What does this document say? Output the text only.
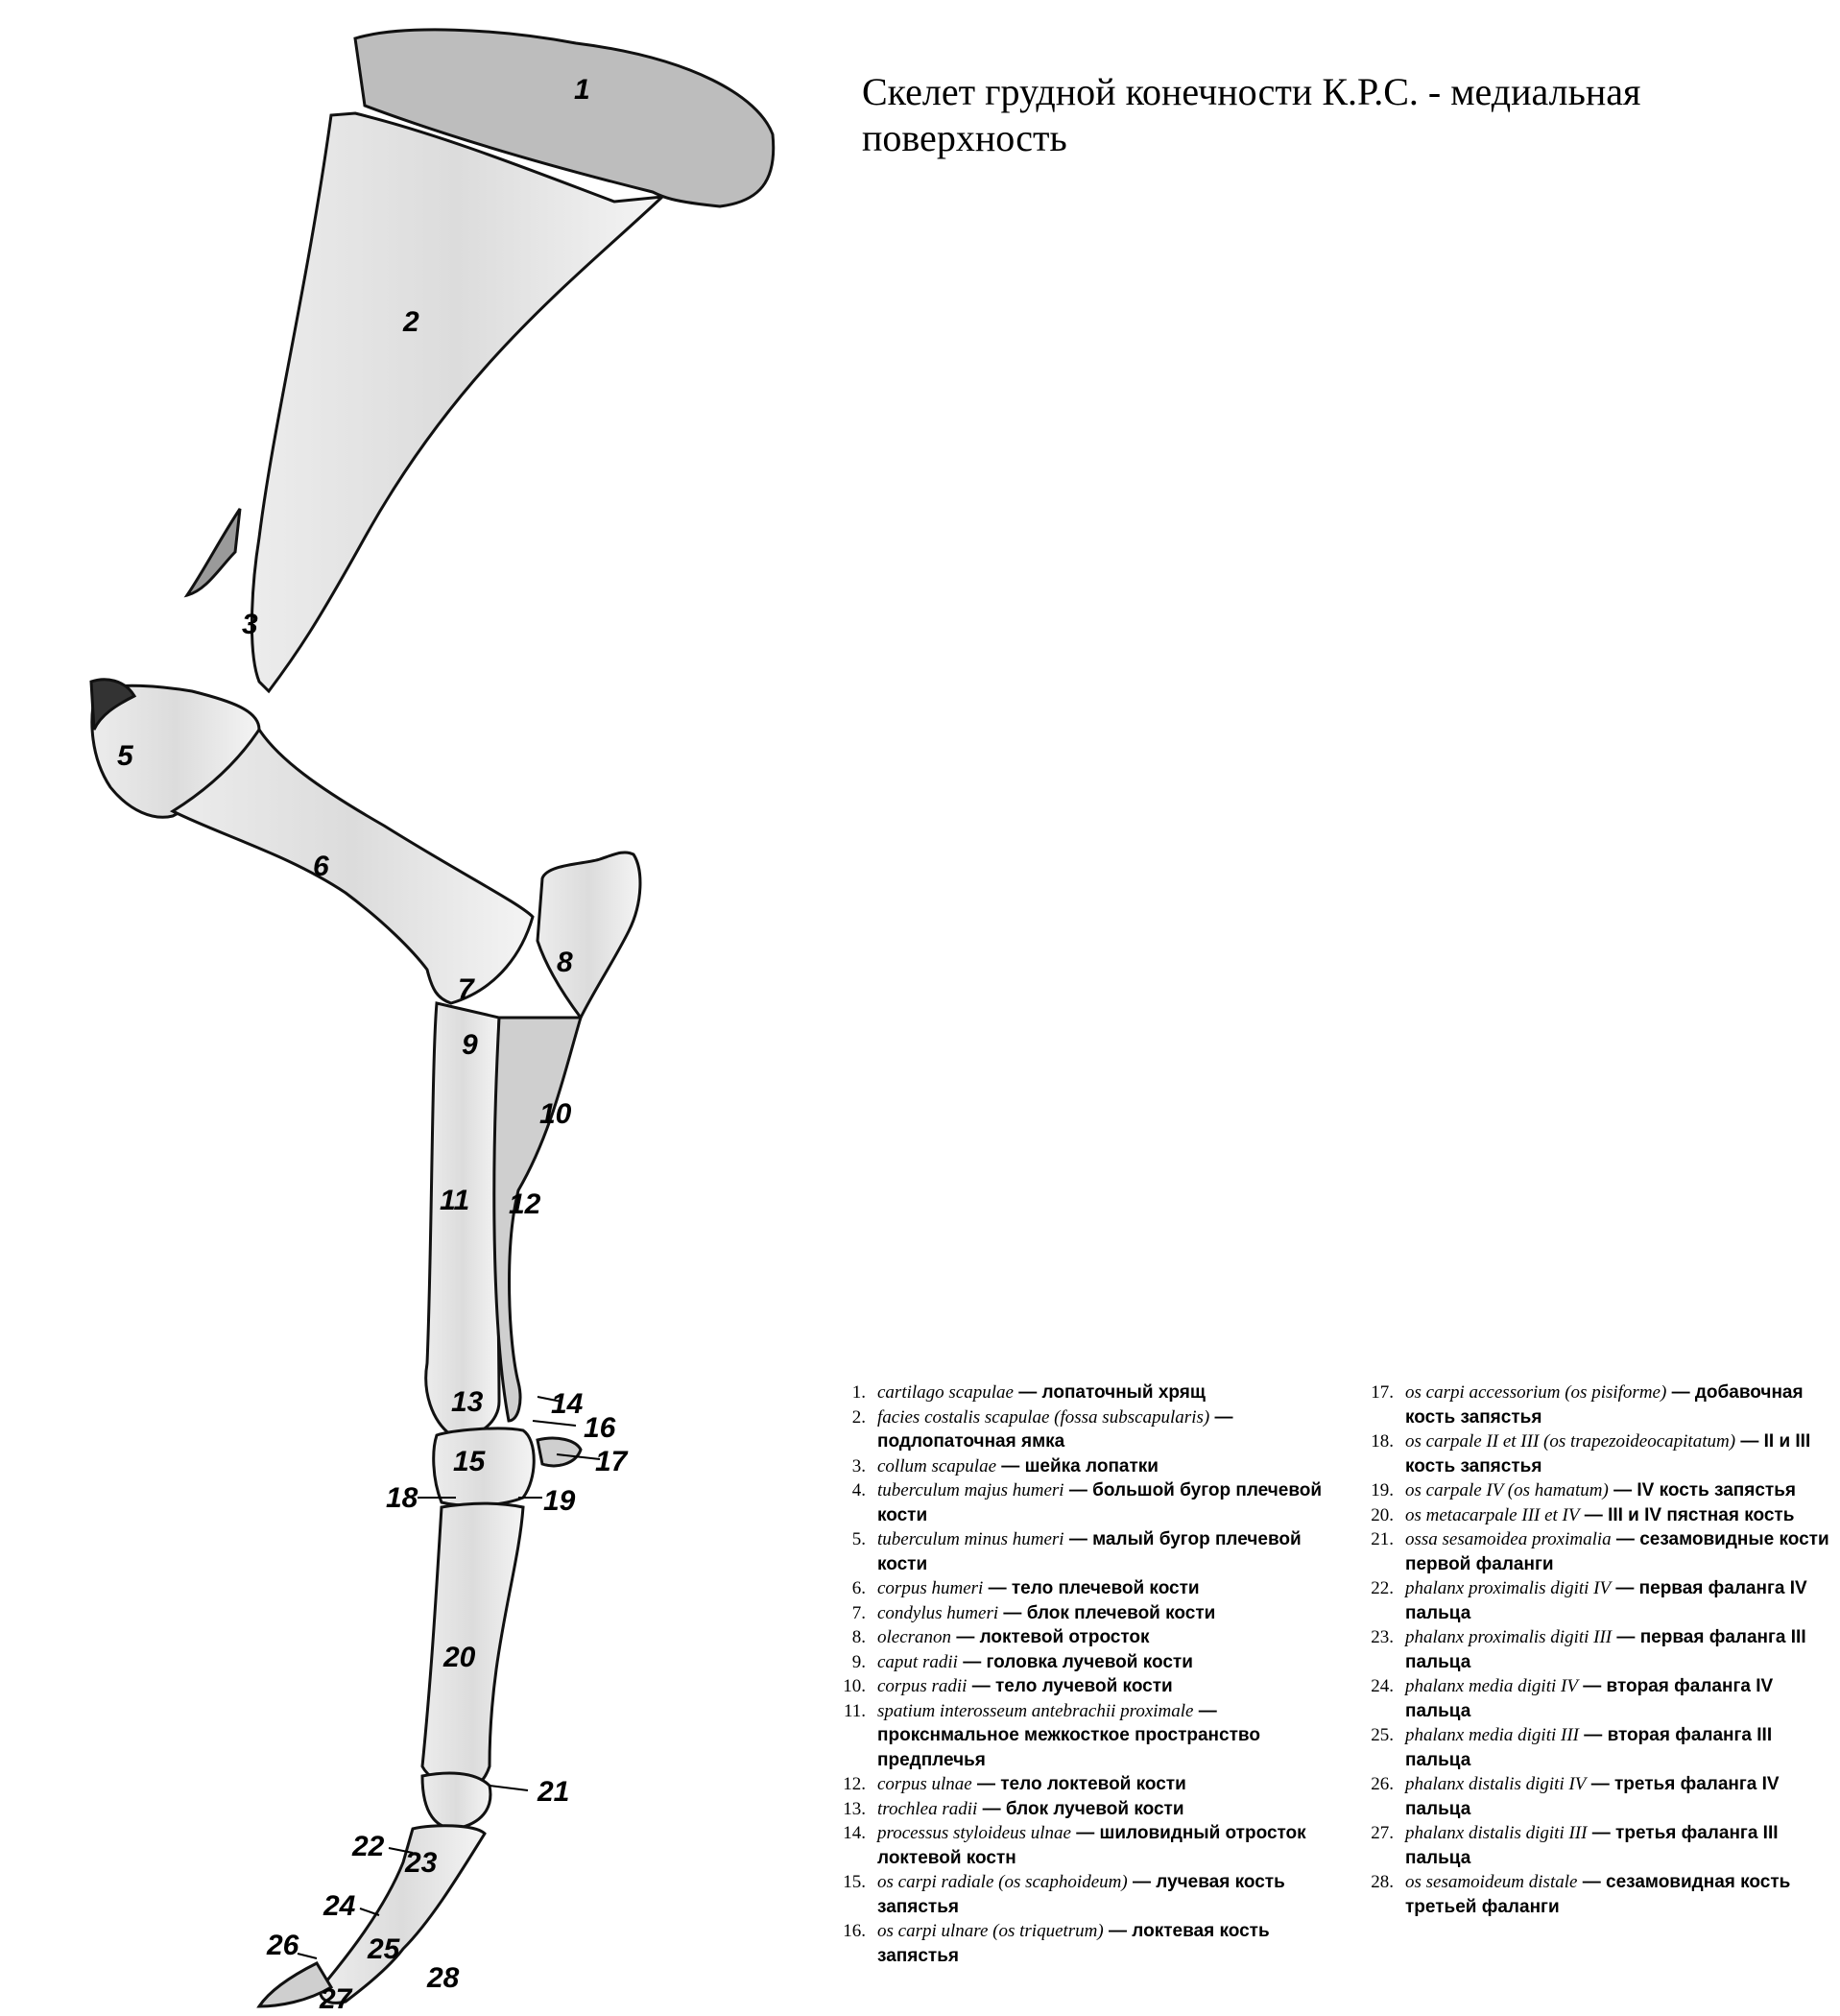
Скелет грудной конечности К.Р.С. - медиальная поверхность
1
2
3
5
6
7
8
9
10
11 12
13 14
15
16
17
18	19
20
21
22
23
24
25
26
27
28
1. cartilago scapulae — лопаточный хрящ
2. facies costalis scapulae (fossa subscapularis) — подлопаточная ямка
3. collum scapulae — шейка лопатки
4. tuberculum majus humeri — большой бугор плечевой кости
5. tuberculum minus humeri — малый бугор плечевой кости
6. corpus humeri — тело плечевой кости
7. condylus humeri — блок плечевой кости
8. olecranon — локтевой отросток
9. caput radii — головка лучевой кости
10. corpus radii — тело лучевой кости
11. spatium interosseum antebrachii proximale — прокснмальное межкосткое пространство предплечья
12. corpus ulnae — тело локтевой кости
13. trochlea radii — блок лучевой кости
14. processus styloideus ulnae — шиловидный отросток локтевой костн
15. os carpi radiale (os scaphoideum) — лучевая кость запястья
16. os carpi ulnare (os triquetrum) — локтевая кость запястья
17. os carpi accessorium (os pisiforme) — добавочная кость запястья
18. os carpale II et III (os trapezoideocapitatum) — II и III кость запястья
19. os carpale IV (os hamatum) — IV кость запястья
20. os metacarpale III et IV — III и IV пястная кость
21. ossa sesamoidea proximalia — сезамовидные кости первой фаланги
22. phalanx proximalis digiti IV — первая фаланга IV пальца
23. phalanx proximalis digiti III — первая фаланга III пальца
24. phalanx media digiti IV — вторая фаланга IV пальца
25. phalanx media digiti III — вторая фаланга III пальца
26. phalanx distalis digiti IV — третья фаланга IV пальца
27. phalanx distalis digiti III — третья фаланга III пальца
28. os sesamoideum distale — сезамовидная кость третьей фаланги
